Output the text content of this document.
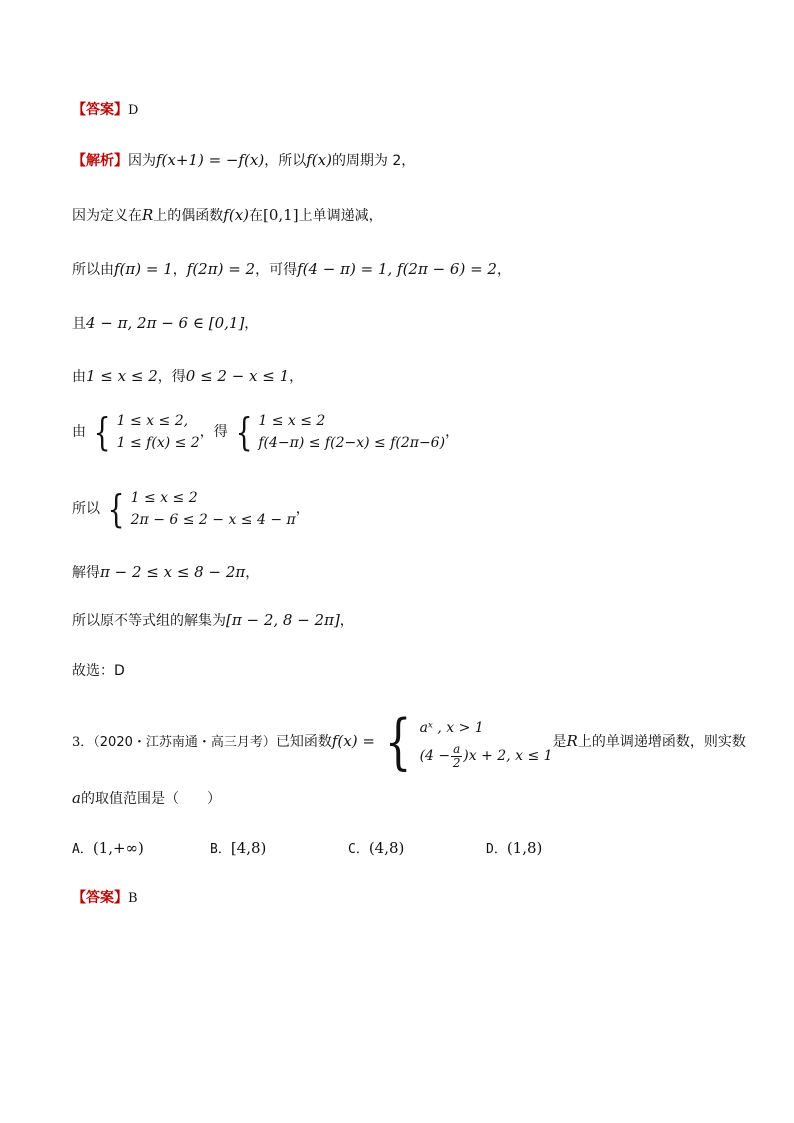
【答案】D
【解析】因为f(x+1) = −f(x)，所以f(x)的周期为 2，
因为定义在R上的偶函数f(x)在[0,1]上单调递减，
所以由f(π) = 1，f(2π) = 2，可得f(4 − π) = 1, f(2π − 6) = 2，
且4 − π, 2π − 6 ∈ [0,1]，
由1 ≤ x ≤ 2，得0 ≤ 2 − x ≤ 1，
由 { 1 ≤ x ≤ 2,
1 ≤ f(x) ≤ 2
，得 { 1 ≤ x ≤ 2
f(4−π) ≤ f(2−x) ≤ f(2π−6)
，
所以 { 1 ≤ x ≤ 2
2π − 6 ≤ 2 − x ≤ 4 − π
，
解得π − 2 ≤ x ≤ 8 − 2π，
所以原不等式组的解集为[π − 2, 8 − 2π]，
故选：D
3．（2020・江苏南通・高三月考）已知函数f(x) = { aˣ , x > 1
$(4 - \frac{a}{2} )x + 2$, x ≤ 1
是R上的单调递增函数，则实数
a的取值范围是（　　）
A．(1,+∞)	B．[4,8)	C．(4,8)	D．(1,8)
【答案】B
